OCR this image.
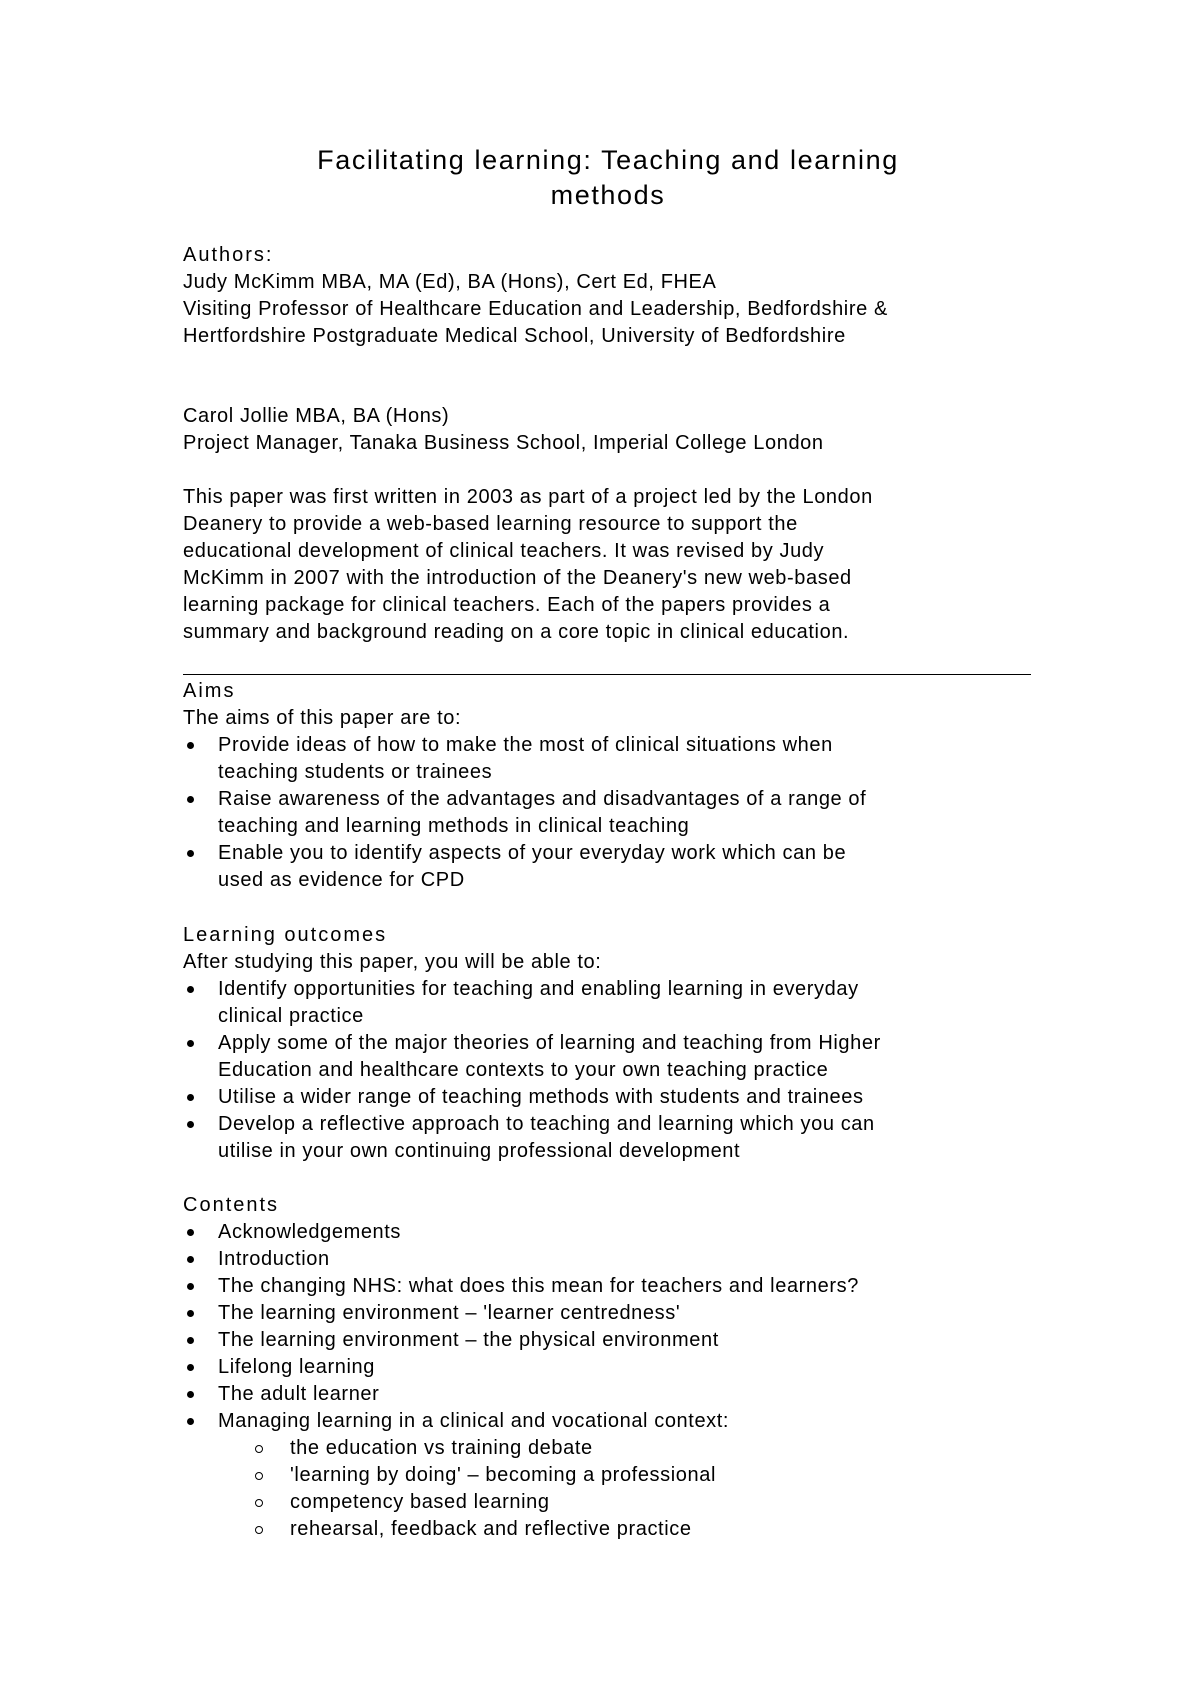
Facilitating learning: Teaching and learning
methods
Authors:
Judy McKimm MBA, MA (Ed), BA (Hons), Cert Ed, FHEA
Visiting Professor of Healthcare Education and Leadership, Bedfordshire &
Hertfordshire Postgraduate Medical School, University of Bedfordshire
Carol Jollie MBA, BA (Hons)
Project Manager, Tanaka Business School, Imperial College London
This paper was first written in 2003 as part of a project led by the London
Deanery to provide a web-based learning resource to support the
educational development of clinical teachers. It was revised by Judy
McKimm in 2007 with the introduction of the Deanery's new web-based
learning package for clinical teachers. Each of the papers provides a
summary and background reading on a core topic in clinical education.
Aims
The aims of this paper are to:
Provide ideas of how to make the most of clinical situations when
teaching students or trainees
Raise awareness of the advantages and disadvantages of a range of
teaching and learning methods in clinical teaching
Enable you to identify aspects of your everyday work which can be
used as evidence for CPD
Learning outcomes
After studying this paper, you will be able to:
Identify opportunities for teaching and enabling learning in everyday
clinical practice
Apply some of the major theories of learning and teaching from Higher
Education and healthcare contexts to your own teaching practice
Utilise a wider range of teaching methods with students and trainees
Develop a reflective approach to teaching and learning which you can
utilise in your own continuing professional development
Contents
Acknowledgements
Introduction
The changing NHS: what does this mean for teachers and learners?
The learning environment – 'learner centredness'
The learning environment – the physical environment
Lifelong learning
The adult learner
Managing learning in a clinical and vocational context:
the education vs training debate
'learning by doing' – becoming a professional
competency based learning
rehearsal, feedback and reflective practice
